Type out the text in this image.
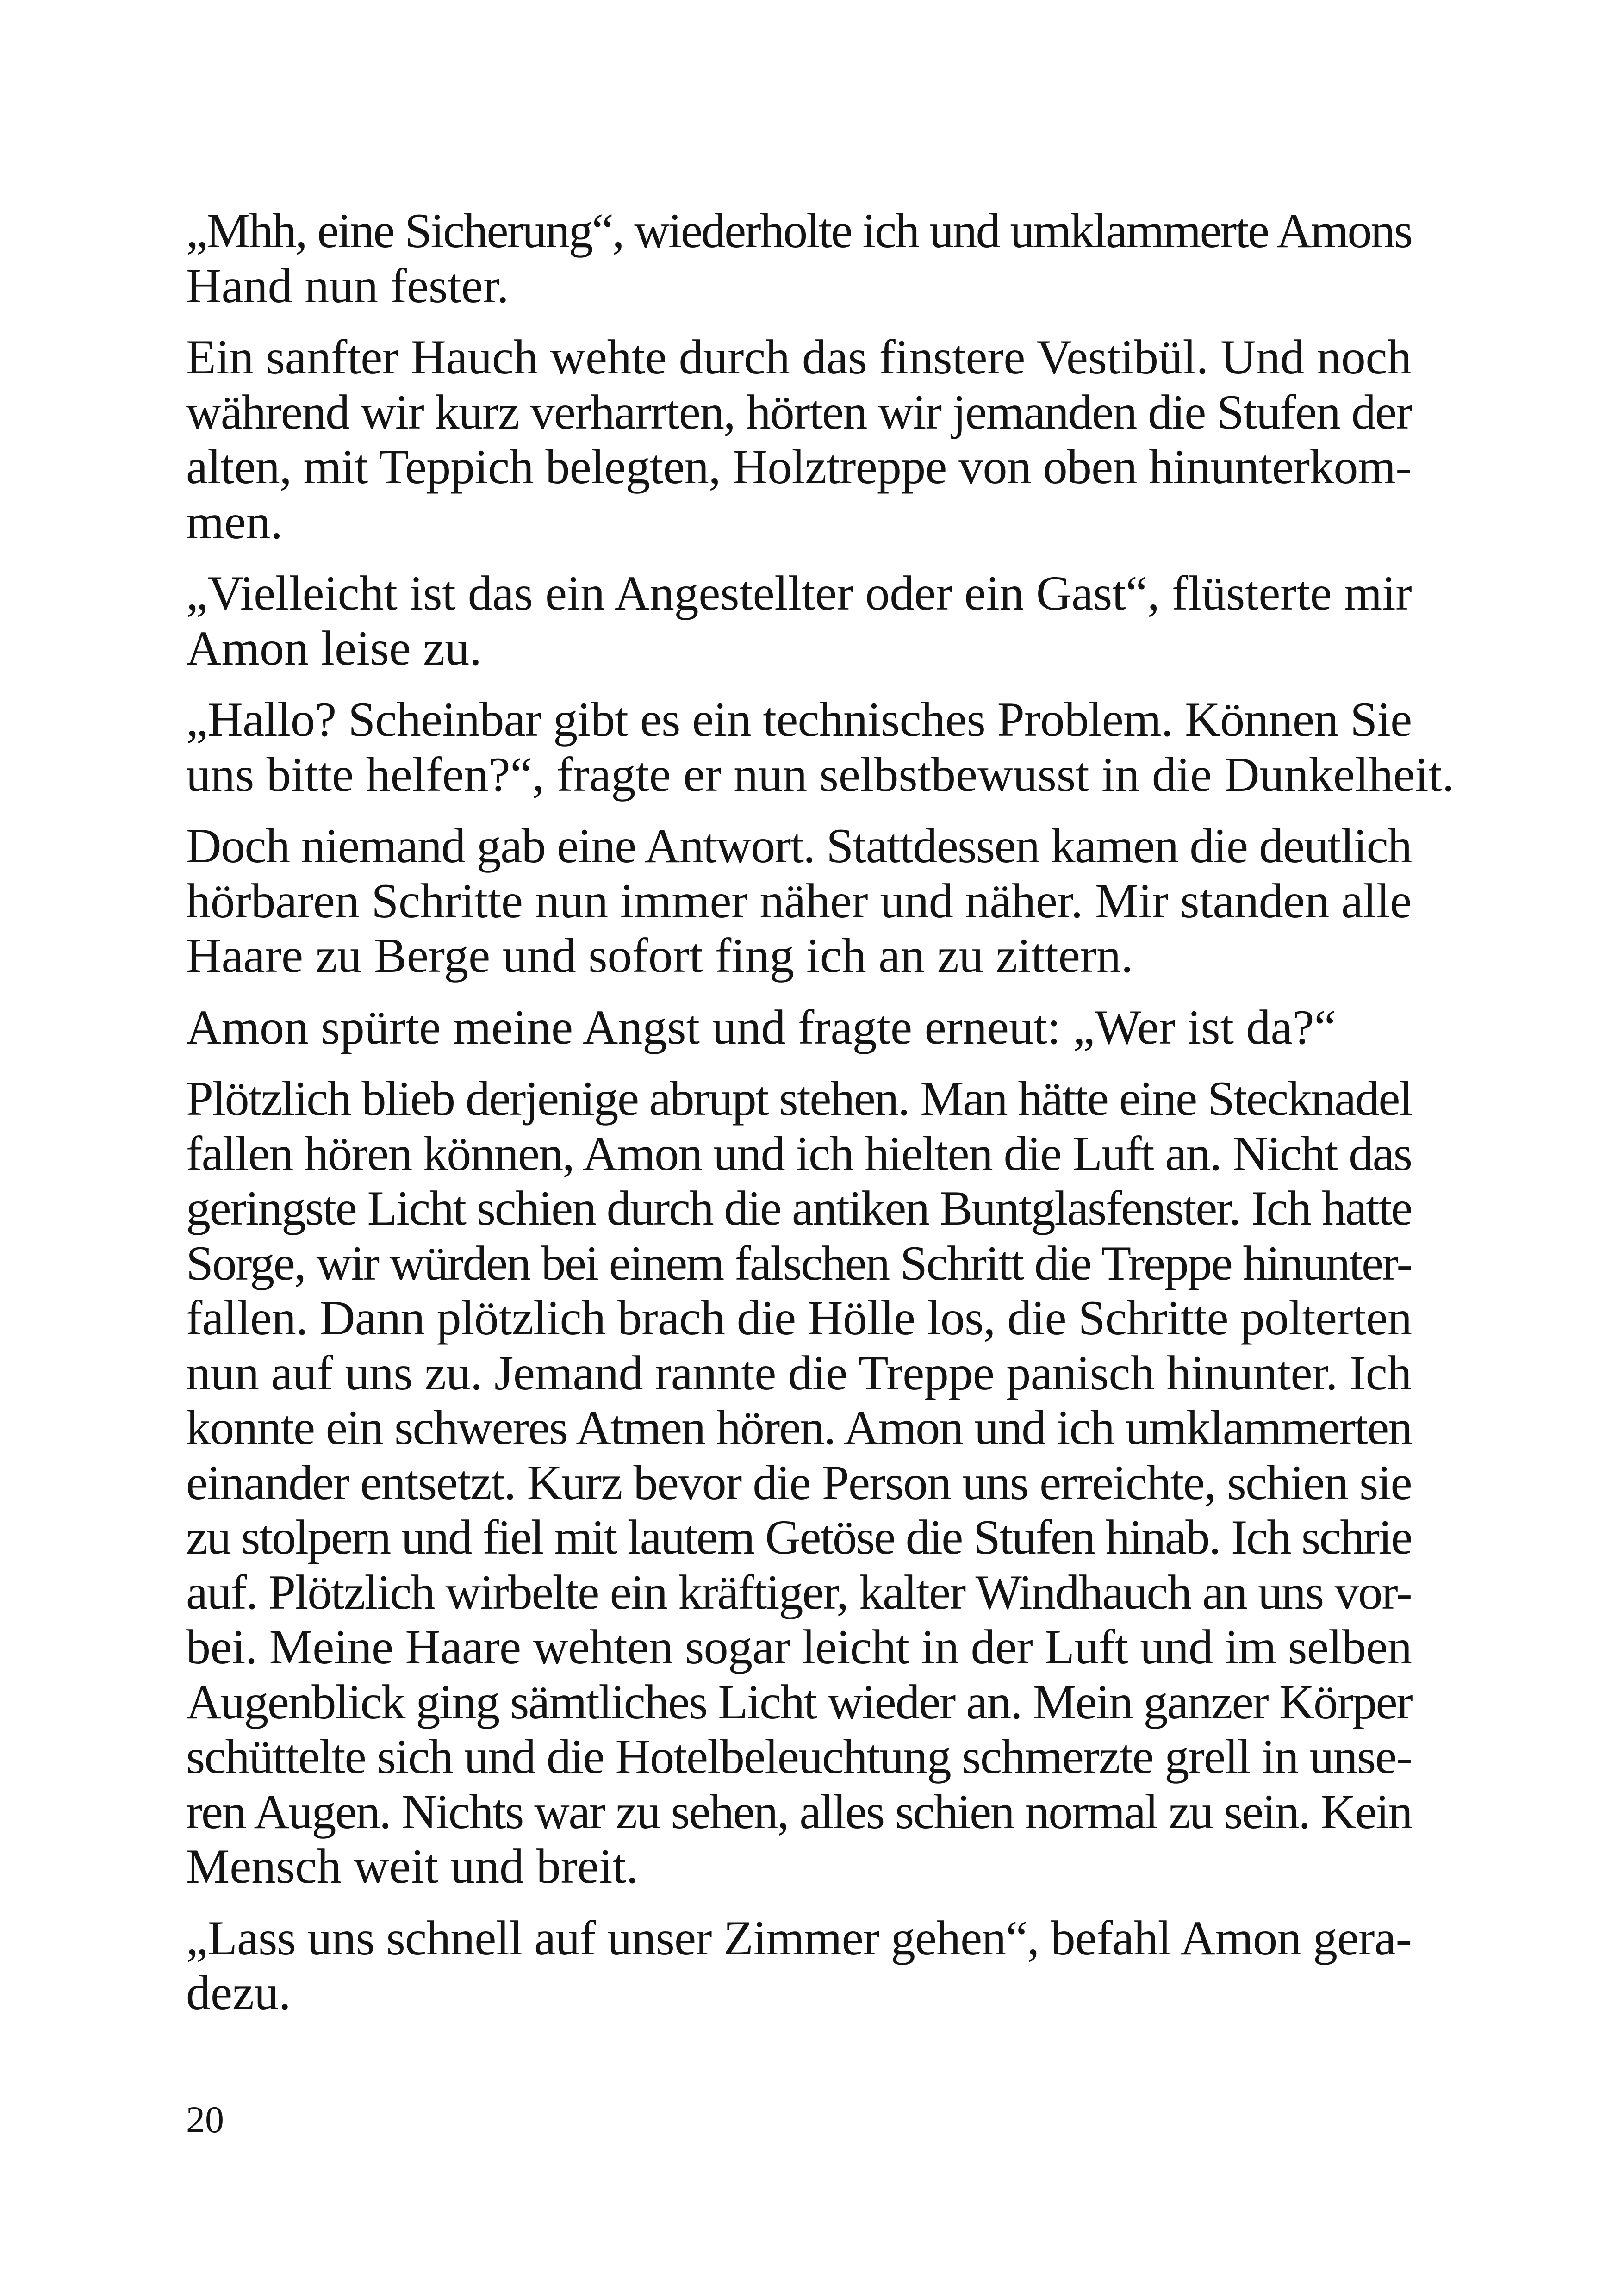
„Mhh, eine Sicherung“, wiederholte ich und umklammerte Amons
Hand nun fester.

Ein sanfter Hauch wehte durch das finstere Vestibül. Und noch
während wir kurz verharrten, hörten wir jemanden die Stufen der
alten, mit Teppich belegten, Holztreppe von oben hinunterkom-
men.

„Vielleicht ist das ein Angestellter oder ein Gast“, flüsterte mir
Amon leise zu.

„Hallo? Scheinbar gibt es ein technisches Problem. Können Sie
uns bitte helfen?“, fragte er nun selbstbewusst in die Dunkelheit.

Doch niemand gab eine Antwort. Stattdessen kamen die deutlich
hörbaren Schritte nun immer näher und näher. Mir standen alle
Haare zu Berge und sofort fing ich an zu zittern.

Amon spürte meine Angst und fragte erneut: „Wer ist da?“

Plötzlich blieb derjenige abrupt stehen. Man hätte eine Stecknadel
fallen hören können, Amon und ich hielten die Luft an. Nicht das
geringste Licht schien durch die antiken Buntglasfenster. Ich hatte
Sorge, wir würden bei einem falschen Schritt die Treppe hinunter-
fallen. Dann plötzlich brach die Hölle los, die Schritte polterten
nun auf uns zu. Jemand rannte die Treppe panisch hinunter. Ich
konnte ein schweres Atmen hören. Amon und ich umklammerten
einander entsetzt. Kurz bevor die Person uns erreichte, schien sie
zu stolpern und fiel mit lautem Getöse die Stufen hinab. Ich schrie
auf. Plötzlich wirbelte ein kräftiger, kalter Windhauch an uns vor-
bei. Meine Haare wehten sogar leicht in der Luft und im selben
Augenblick ging sämtliches Licht wieder an. Mein ganzer Körper
schüttelte sich und die Hotelbeleuchtung schmerzte grell in unse-
ren Augen. Nichts war zu sehen, alles schien normal zu sein. Kein
Mensch weit und breit.

„Lass uns schnell auf unser Zimmer gehen“, befahl Amon gera-
dezu.

20
